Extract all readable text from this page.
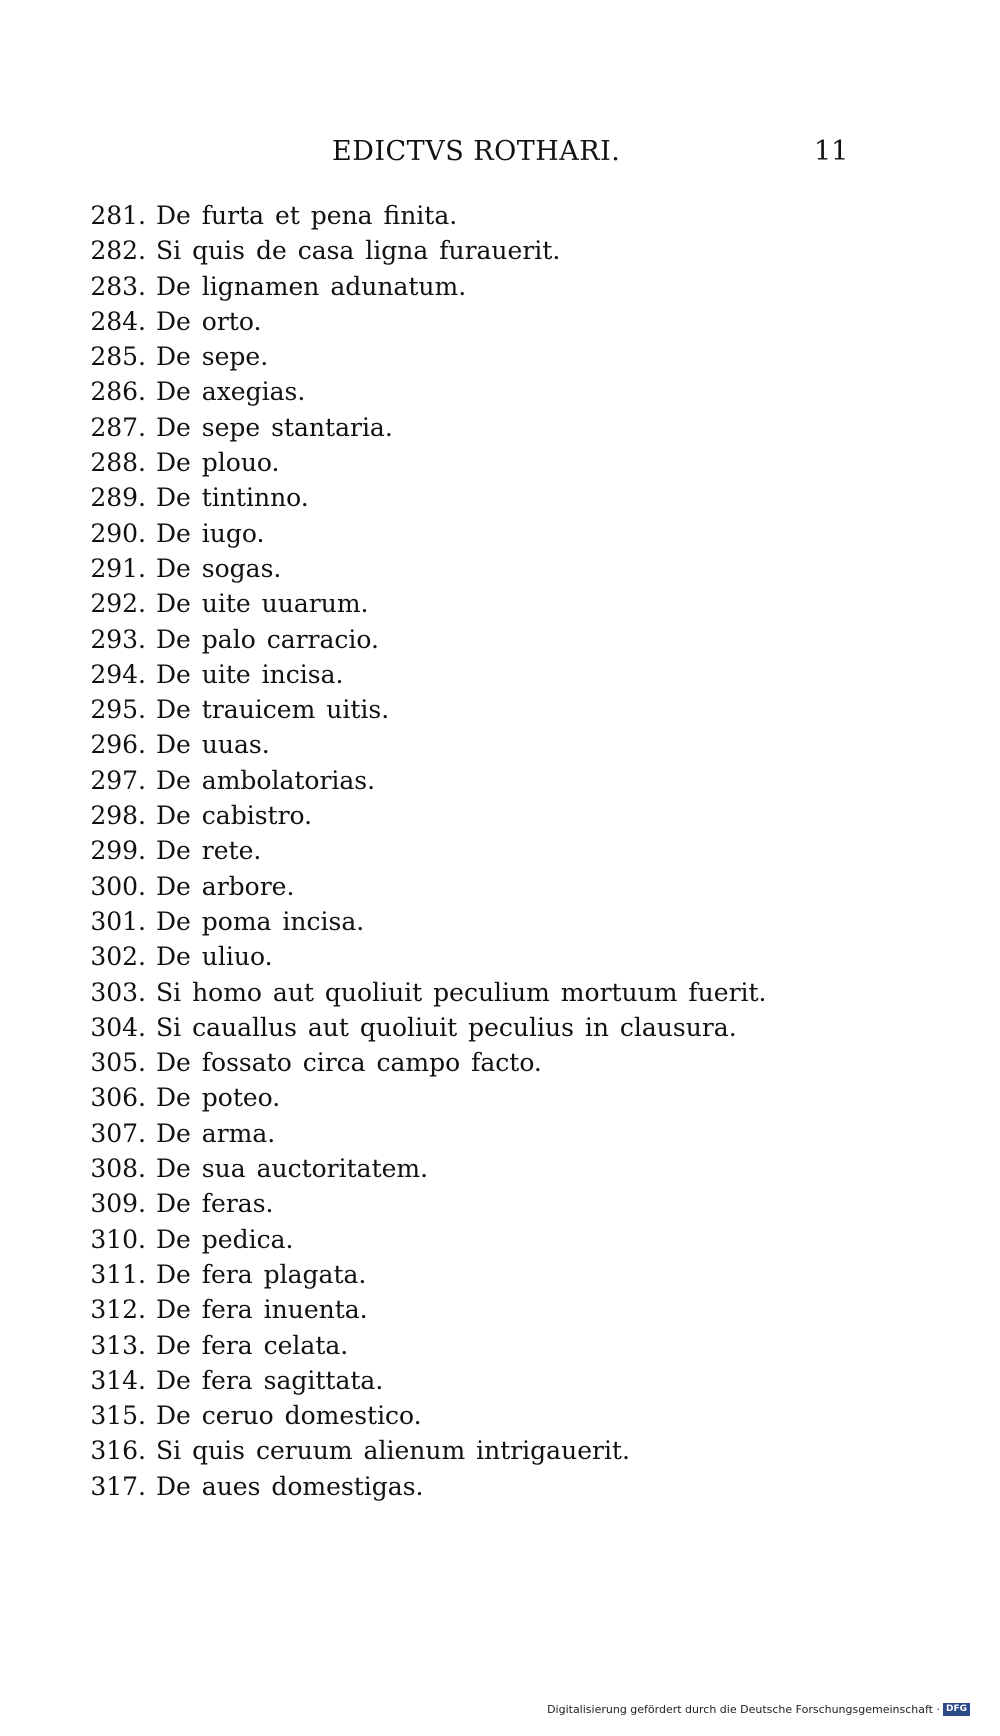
EDICTVS ROTHARI.	11
281. De furta et pena finita.
282. Si quis de casa ligna furauerit.
283. De lignamen adunatum.
284. De orto.
285. De sepe.
286. De axegias.
287. De sepe stantaria.
288. De plouo.
289. De tintinno.
290. De iugo.
291. De sogas.
292. De uite uuarum.
293. De palo carracio.
294. De uite incisa.
295. De trauicem uitis.
296. De uuas.
297. De ambolatorias.
298. De cabistro.
299. De rete.
300. De arbore.
301. De poma incisa.
302. De uliuo.
303. Si homo aut quoliuit peculium mortuum fuerit.
304. Si cauallus aut quoliuit peculius in clausura.
305. De fossato circa campo facto.
306. De poteo.
307. De arma.
308. De sua auctoritatem.
309. De feras.
310. De pedica.
311. De fera plagata.
312. De fera inuenta.
313. De fera celata.
314. De fera sagittata.
315. De ceruo domestico.
316. Si quis ceruum alienum intrigauerit.
317. De aues domestigas.
Digitalisierung gefördert durch die Deutsche Forschungsgemeinschaft · DFG
